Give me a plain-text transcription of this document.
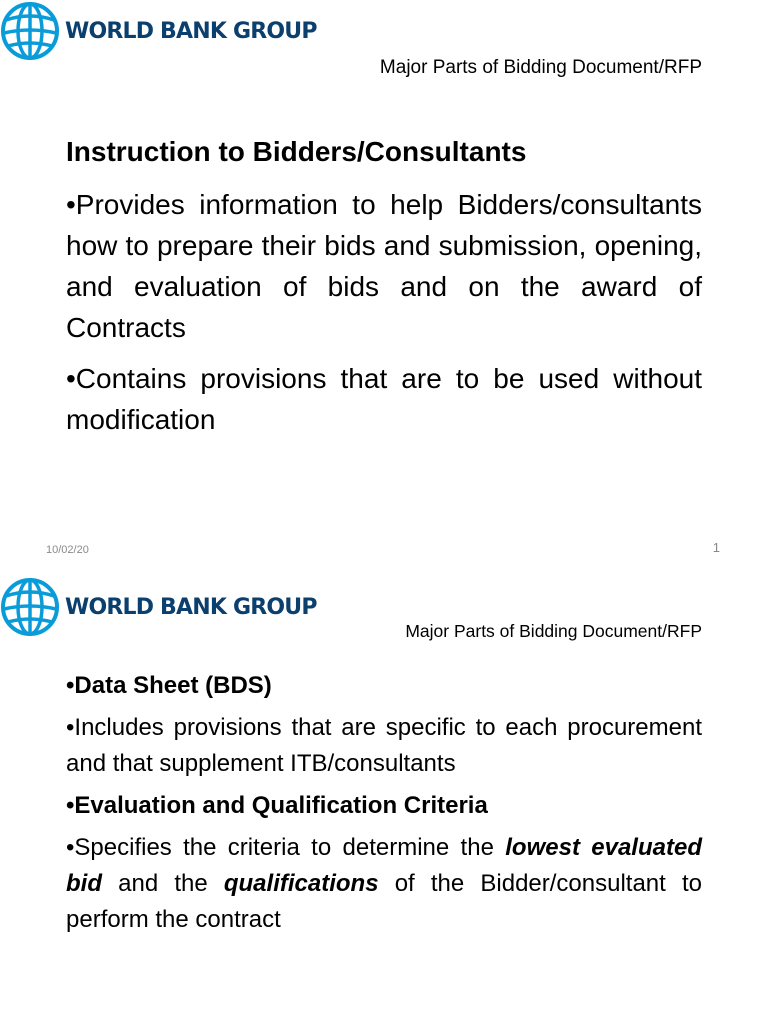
WORLD BANK GROUP
Major Parts of Bidding Document/RFP
Instruction to Bidders/Consultants

•Provides information to help Bidders/consultants how to prepare their bids and submission, opening, and evaluation of bids and on the award of Contracts

•Contains provisions that are to be used without modification

10/02/20	1
WORLD BANK GROUP
Major Parts of Bidding Document/RFP

•Data Sheet (BDS)

•Includes provisions that are specific to each procurement and that supplement ITB/consultants

•Evaluation and Qualification Criteria

•Specifies the criteria to determine the lowest evaluated bid and the qualifications of the Bidder/consultant to perform the contract
